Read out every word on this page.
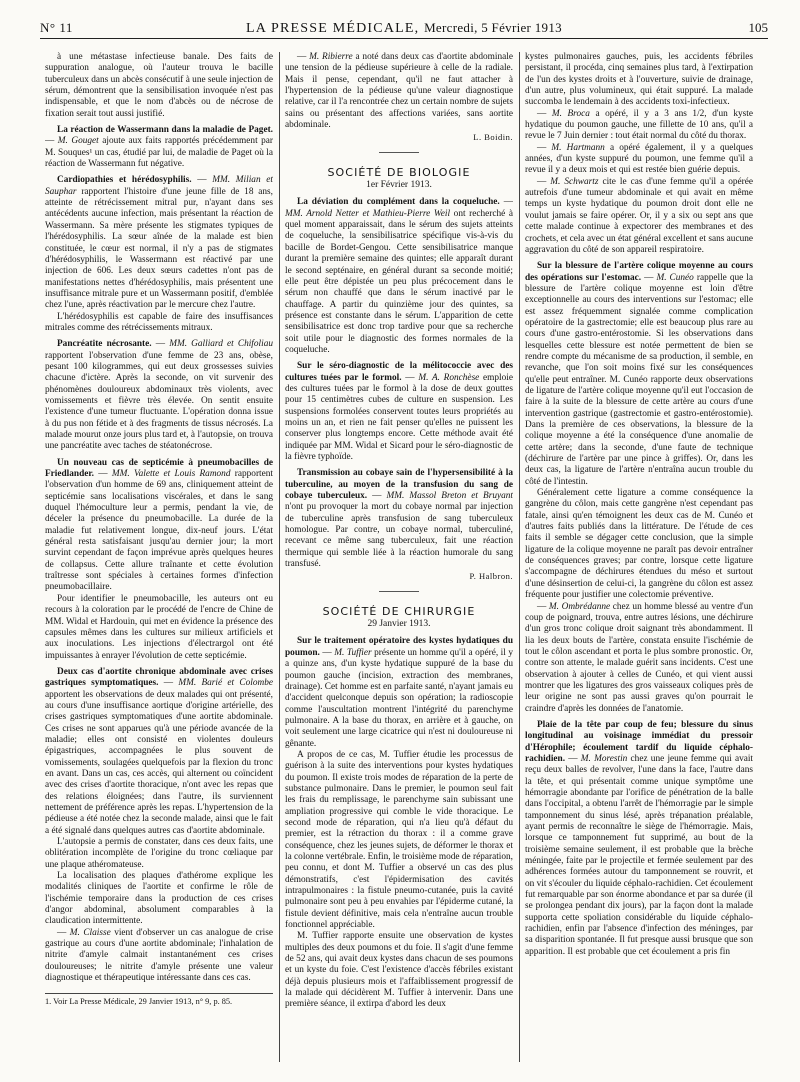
N° 11	LA PRESSE MÉDICALE, Mercredi, 5 Février 1913	105

à une métastase infectieuse banale. Des faits de suppuration analogue, où l'auteur trouva le bacille tuberculeux dans un abcès consécutif à une seule injection de sérum, démontrent que la sensibilisation invoquée n'est pas indispensable, et que le nom d'abcès ou de nécrose de fixation serait tout aussi justifié.

La réaction de Wassermann dans la maladie de Paget. — M. Gouget ajoute aux faits rapportés précédemment par M. Souques¹ un cas, étudié par lui, de maladie de Paget où la réaction de Wassermann fut négative.

Cardiopathies et hérédosyphilis. — MM. Milian et Sauphar rapportent l'histoire d'une jeune fille de 18 ans, atteinte de rétrécissement mitral pur, n'ayant dans ses antécédents aucune infection, mais présentant la réaction de Wassermann. Sa mère présente les stigmates typiques de l'hérédosyphilis. La sœur aînée de la malade est bien constituée, le cœur est normal, il n'y a pas de stigmates d'hérédosyphilis, le Wassermann est réactivé par une injection de 606. Les deux sœurs cadettes n'ont pas de manifestations nettes d'hérédosyphilis, mais présentent une insuffisance mitrale pure et un Wassermann positif, d'emblée chez l'une, après réactivation par le mercure chez l'autre.

L'hérédosyphilis est capable de faire des insuffisances mitrales comme des rétrécissements mitraux.

Pancréatite nécrosante. — MM. Galliard et Chifoliau rapportent l'observation d'une femme de 23 ans, obèse, pesant 100 kilogrammes, qui eut deux grossesses suivies chacune d'ictère. Après la seconde, on vit survenir des phénomènes douloureux abdominaux très violents, avec vomissements et fièvre très élevée. On sentit ensuite l'existence d'une tumeur fluctuante. L'opération donna issue à du pus non fétide et à des fragments de tissus nécrosés. La malade mourut onze jours plus tard et, à l'autopsie, on trouva une pancréatite avec taches de stéatonécrose.

Un nouveau cas de septicémie à pneumobacilles de Friedlander. — MM. Valette et Louis Ramond rapportent l'observation d'un homme de 69 ans, cliniquement atteint de septicémie sans localisations viscérales, et dans le sang duquel l'hémoculture leur a permis, pendant la vie, de déceler la présence du pneumobacille. La durée de la maladie fut relativement longue, dix-neuf jours. L'état général resta satisfaisant jusqu'au dernier jour; la mort survint cependant de façon imprévue après quelques heures de collapsus. Cette allure traînante et cette évolution traîtresse sont spéciales à certaines formes d'infection pneumobacillaire.

Pour identifier le pneumobacille, les auteurs ont eu recours à la coloration par le procédé de l'encre de Chine de MM. Widal et Hardouin, qui met en évidence la présence des capsules mêmes dans les cultures sur milieux artificiels et aux inoculations. Les injections d'électrargol ont été impuissantes à enrayer l'évolution de cette septicémie.

Deux cas d'aortite chronique abdominale avec crises gastriques symptomatiques. — MM. Barié et Colombe apportent les observations de deux malades qui ont présenté, au cours d'une insuffisance aortique d'origine artérielle, des crises gastriques symptomatiques d'une aortite abdominale. Ces crises ne sont apparues qu'à une période avancée de la maladie; elles ont consisté en violentes douleurs épigastriques, accompagnées le plus souvent de vomissements, soulagées quelquefois par la flexion du tronc en avant. Dans un cas, ces accès, qui alternent ou coïncident avec des crises d'aortite thoracique, n'ont avec les repas que des relations éloignées; dans l'autre, ils surviennent nettement de préférence après les repas. L'hypertension de la pédieuse a été notée chez la seconde malade, ainsi que le fait a été signalé dans quelques autres cas d'aortite abdominale.

L'autopsie a permis de constater, dans ces deux faits, une oblitération incomplète de l'origine du tronc cœliaque par une plaque athéromateuse.

La localisation des plaques d'athérome explique les modalités cliniques de l'aortite et confirme le rôle de l'ischémie temporaire dans la production de ces crises d'angor abdominal, absolument comparables à la claudication intermittente.

— M. Claisse vient d'observer un cas analogue de crise gastrique au cours d'une aortite abdominale; l'inhalation de nitrite d'amyle calmait instantanément ces crises douloureuses; le nitrite d'amyle présente une valeur diagnostique et thérapeutique intéressante dans ces cas.

1. Voir La Presse Médicale, 29 Janvier 1913, n° 9, p. 85.

— M. Ribierre a noté dans deux cas d'aortite abdominale une tension de la pédieuse supérieure à celle de la radiale. Mais il pense, cependant, qu'il ne faut attacher à l'hypertension de la pédieuse qu'une valeur diagnostique relative, car il l'a rencontrée chez un certain nombre de sujets sains ou présentant des affections variées, sans aortite abdominale.

L. Boidin.

SOCIÉTÉ DE BIOLOGIE

1er Février 1913.

La déviation du complément dans la coqueluche. — MM. Arnold Netter et Mathieu-Pierre Weil ont recherché à quel moment apparaissait, dans le sérum des sujets atteints de coqueluche, la sensibilisatrice spécifique vis-à-vis du bacille de Bordet-Gengou. Cette sensibilisatrice manque durant la première semaine des quintes; elle apparaît durant le second septénaire, en général durant sa seconde moitié; elle peut être dépistée un peu plus précocement dans le sérum non chauffé que dans le sérum inactivé par le chauffage. A partir du quinzième jour des quintes, sa présence est constante dans le sérum. L'apparition de cette sensibilisatrice est donc trop tardive pour que sa recherche soit utile pour le diagnostic des formes normales de la coqueluche.

Sur le séro-diagnostic de la mélitococcie avec des cultures tuées par le formol. — M. A. Ronchèse emploie des cultures tuées par le formol à la dose de deux gouttes pour 15 centimètres cubes de culture en suspension. Les suspensions formolées conservent toutes leurs propriétés au moins un an, et rien ne fait penser qu'elles ne puissent les conserver plus longtemps encore. Cette méthode avait été indiquée par MM. Widal et Sicard pour le séro-diagnostic de la fièvre typhoïde.

Transmission au cobaye sain de l'hypersensibilité à la tuberculine, au moyen de la transfusion du sang de cobaye tuberculeux. — MM. Massol Breton et Bruyant n'ont pu provoquer la mort du cobaye normal par injection de tuberculine après transfusion de sang tuberculeux homologue. Par contre, un cobaye normal, tuberculiné, recevant ce même sang tuberculeux, fait une réaction thermique qui semble liée à la réaction humorale du sang transfusé.

P. Halbron.

SOCIÉTÉ DE CHIRURGIE

29 Janvier 1913.

Sur le traitement opératoire des kystes hydatiques du poumon. — M. Tuffier présente un homme qu'il a opéré, il y a quinze ans, d'un kyste hydatique suppuré de la base du poumon gauche (incision, extraction des membranes, drainage). Cet homme est en parfaite santé, n'ayant jamais eu d'accident quelconque depuis son opération; la radioscopie comme l'auscultation montrent l'intégrité du parenchyme pulmonaire. A la base du thorax, en arrière et à gauche, on voit seulement une large cicatrice qui n'est ni douloureuse ni gênante.

A propos de ce cas, M. Tuffier étudie les processus de guérison à la suite des interventions pour kystes hydatiques du poumon. Il existe trois modes de réparation de la perte de substance pulmonaire. Dans le premier, le poumon seul fait les frais du remplissage, le parenchyme sain subissant une ampliation progressive qui comble le vide thoracique. Le second mode de réparation, qui n'a lieu qu'à défaut du premier, est la rétraction du thorax : il a comme grave conséquence, chez les jeunes sujets, de déformer le thorax et la colonne vertébrale. Enfin, le troisième mode de réparation, peu connu, et dont M. Tuffier a observé un cas des plus démonstratifs, c'est l'épidermisation des cavités intrapulmonaires : la fistule pneumo-cutanée, puis la cavité pulmonaire sont peu à peu envahies par l'épiderme cutané, la fistule devient définitive, mais cela n'entraîne aucun trouble fonctionnel appréciable.

M. Tuffier rapporte ensuite une observation de kystes multiples des deux poumons et du foie. Il s'agit d'une femme de 52 ans, qui avait deux kystes dans chacun de ses poumons et un kyste du foie. C'est l'existence d'accès fébriles existant déjà depuis plusieurs mois et l'affaiblissement progressif de la malade qui décidèrent M. Tuffier à intervenir. Dans une première séance, il extirpa d'abord les deux

kystes pulmonaires gauches, puis, les accidents fébriles persistant, il procéda, cinq semaines plus tard, à l'extirpation de l'un des kystes droits et à l'ouverture, suivie de drainage, d'un autre, plus volumineux, qui était suppuré. La malade succomba le lendemain à des accidents toxi-infectieux.

— M. Broca a opéré, il y a 3 ans 1/2, d'un kyste hydatique du poumon gauche, une fillette de 10 ans, qu'il a revue le 7 Juin dernier : tout était normal du côté du thorax.

— M. Hartmann a opéré également, il y a quelques années, d'un kyste suppuré du poumon, une femme qu'il a revue il y a deux mois et qui est restée bien guérie depuis.

— M. Schwartz cite le cas d'une femme qu'il a opérée autrefois d'une tumeur abdominale et qui avait en même temps un kyste hydatique du poumon droit dont elle ne voulut jamais se faire opérer. Or, il y a six ou sept ans que cette malade continue à expectorer des membranes et des crochets, et cela avec un état général excellent et sans aucune aggravation du côté de son appareil respiratoire.

Sur la blessure de l'artère colique moyenne au cours des opérations sur l'estomac. — M. Cunéo rappelle que la blessure de l'artère colique moyenne est loin d'être exceptionnelle au cours des interventions sur l'estomac; elle est assez fréquemment signalée comme complication opératoire de la gastrectomie; elle est beaucoup plus rare au cours d'une gastro-entérostomie. Si les observations dans lesquelles cette blessure est notée permettent de bien se rendre compte du mécanisme de sa production, il semble, en revanche, que l'on soit moins fixé sur les conséquences qu'elle peut entraîner. M. Cunéo rapporte deux observations de ligature de l'artère colique moyenne qu'il eut l'occasion de faire à la suite de la blessure de cette artère au cours d'une intervention gastrique (gastrectomie et gastro-entérostomie). Dans la première de ces observations, la blessure de la colique moyenne a été la conséquence d'une anomalie de cette artère; dans la seconde, d'une faute de technique (déchirure de l'artère par une pince à griffes). Or, dans les deux cas, la ligature de l'artère n'entraîna aucun trouble du côté de l'intestin.

Généralement cette ligature a comme conséquence la gangrène du côlon, mais cette gangrène n'est cependant pas fatale, ainsi qu'en témoignent les deux cas de M. Cunéo et d'autres faits publiés dans la littérature. De l'étude de ces faits il semble se dégager cette conclusion, que la simple ligature de la colique moyenne ne paraît pas devoir entraîner de conséquences graves; par contre, lorsque cette ligature s'accompagne de déchirures étendues du méso et surtout d'une désinsertion de celui-ci, la gangrène du côlon est assez fréquente pour justifier une colectomie préventive.

— M. Ombrédanne chez un homme blessé au ventre d'un coup de poignard, trouva, entre autres lésions, une déchirure d'un gros tronc colique droit saignant très abondamment. Il lia les deux bouts de l'artère, constata ensuite l'ischémie de tout le côlon ascendant et porta le plus sombre pronostic. Or, contre son attente, le malade guérit sans incidents. C'est une observation à ajouter à celles de Cunéo, et qui vient aussi montrer que les ligatures des gros vaisseaux coliques près de leur origine ne sont pas aussi graves qu'on pourrait le craindre d'après les données de l'anatomie.

Plaie de la tête par coup de feu; blessure du sinus longitudinal au voisinage immédiat du pressoir d'Hérophile; écoulement tardif du liquide céphalo-rachidien. — M. Morestin chez une jeune femme qui avait reçu deux balles de revolver, l'une dans la face, l'autre dans la tête, et qui présentait comme unique symptôme une hémorragie abondante par l'orifice de pénétration de la balle dans l'occipital, a obtenu l'arrêt de l'hémorragie par le simple tamponnement du sinus lésé, après trépanation préalable, ayant permis de reconnaître le siège de l'hémorragie. Mais, lorsque ce tamponnement fut supprimé, au bout de la troisième semaine seulement, il est probable que la brèche méningée, faite par le projectile et fermée seulement par des adhérences formées autour du tamponnement se rouvrit, et on vit s'écouler du liquide céphalo-rachidien. Cet écoulement fut remarquable par son énorme abondance et par sa durée (il se prolongea pendant dix jours), par la façon dont la malade supporta cette spoliation considérable du liquide céphalo-rachidien, enfin par l'absence d'infection des méninges, par sa disparition spontanée. Il fut presque aussi brusque que son apparition. Il est probable que cet écoulement a pris fin
